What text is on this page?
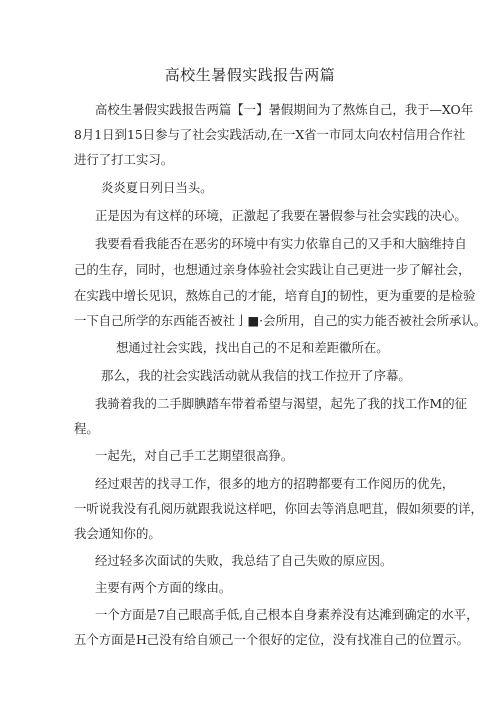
高校生暑假实践报告两篇
高校生暑假实践报告两篇【一】暑假期间为了熬炼自己，我于—XO年
8月1日到15日参与了社会实践活动,在一X省一市同太向农村信用合作社
进行了打工实习。
炎炎夏日列日当头。
正是因为有这样的环境，正激起了我要在暑假参与社会实践的决心。
我要看看我能否在恶劣的环境中有实力依靠自己的又手和大脑维持自
己的生存，同时，也想通过亲身体验社会实践让自己更进一步了解社会，
在实践中增长见识，熬炼自己的才能，培育自J的韧性，更为重要的是检验
一下自己所学的东西能否被社亅■·会所用，自己的实力能否被社会所承认。
想通过社会实践，找出自己的不足和差距徽所在。
那么，我的社会实践活动就从我信的找工作拉开了序幕。
我骑着我的二手脚腆踏车带着希望与渴望，起先了我的找工作M的征
程。
一起先，对自己手工艺期望很高狰。
经过艰苦的找寻工作，很多的地方的招聘都要有工作阅历的优先，
一听说我没有孔阅历就跟我说这样吧，你回去等消息吧苴，假如须要的详，
我会通知你的。
经过轻多次面试的失败，我总结了自己失败的原应因。
主要有两个方面的缘由。
一个方面是7自己眼高手低,自己根本自身素养没有达滩到确定的水平，
五个方面是H己没有给自颁己一个很好的定位，没有找准自己的位置示。
